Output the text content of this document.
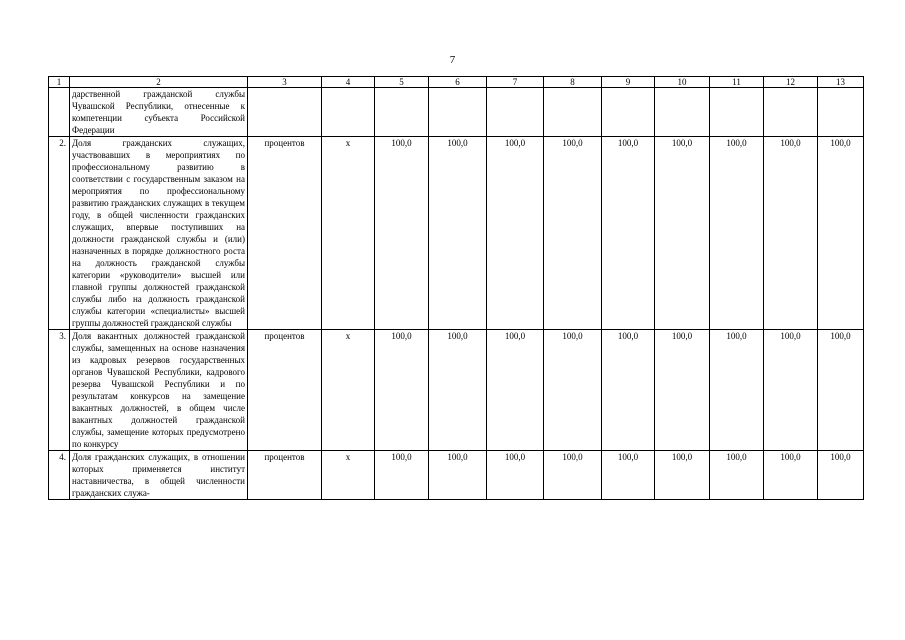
7
1	2	3	4	5	6	7	8	9	10	11	12	13
	дарственной гражданской службы Чувашской Республики, отнесенные к компетенции субъекта Российской Федерации											
2.	Доля гражданских служащих, участвовавших в мероприятиях по профессиональному развитию в соответствии с государственным заказом на мероприятия по профессиональному развитию гражданских служащих в текущем году, в общей численности гражданских служащих, впервые поступивших на должности гражданской службы и (или) назначенных в порядке должностного роста на должность гражданской службы категории «руководители» высшей или главной группы должностей гражданской службы либо на должность гражданской службы категории «специалисты» высшей группы должностей гражданской службы	процентов	x	100,0	100,0	100,0	100,0	100,0	100,0	100,0	100,0	100,0
3.	Доля вакантных должностей гражданской службы, замещенных на основе назначения из кадровых резервов государственных органов Чувашской Республики, кадрового резерва Чувашской Республики и по результатам конкурсов на замещение вакантных должностей, в общем числе вакантных должностей гражданской службы, замещение которых предусмотрено по конкурсу	процентов	x	100,0	100,0	100,0	100,0	100,0	100,0	100,0	100,0	100,0
4.	Доля гражданских служащих, в отношении которых применяется институт наставничества, в общей численности гражданских служа-	процентов	x	100,0	100,0	100,0	100,0	100,0	100,0	100,0	100,0	100,0
